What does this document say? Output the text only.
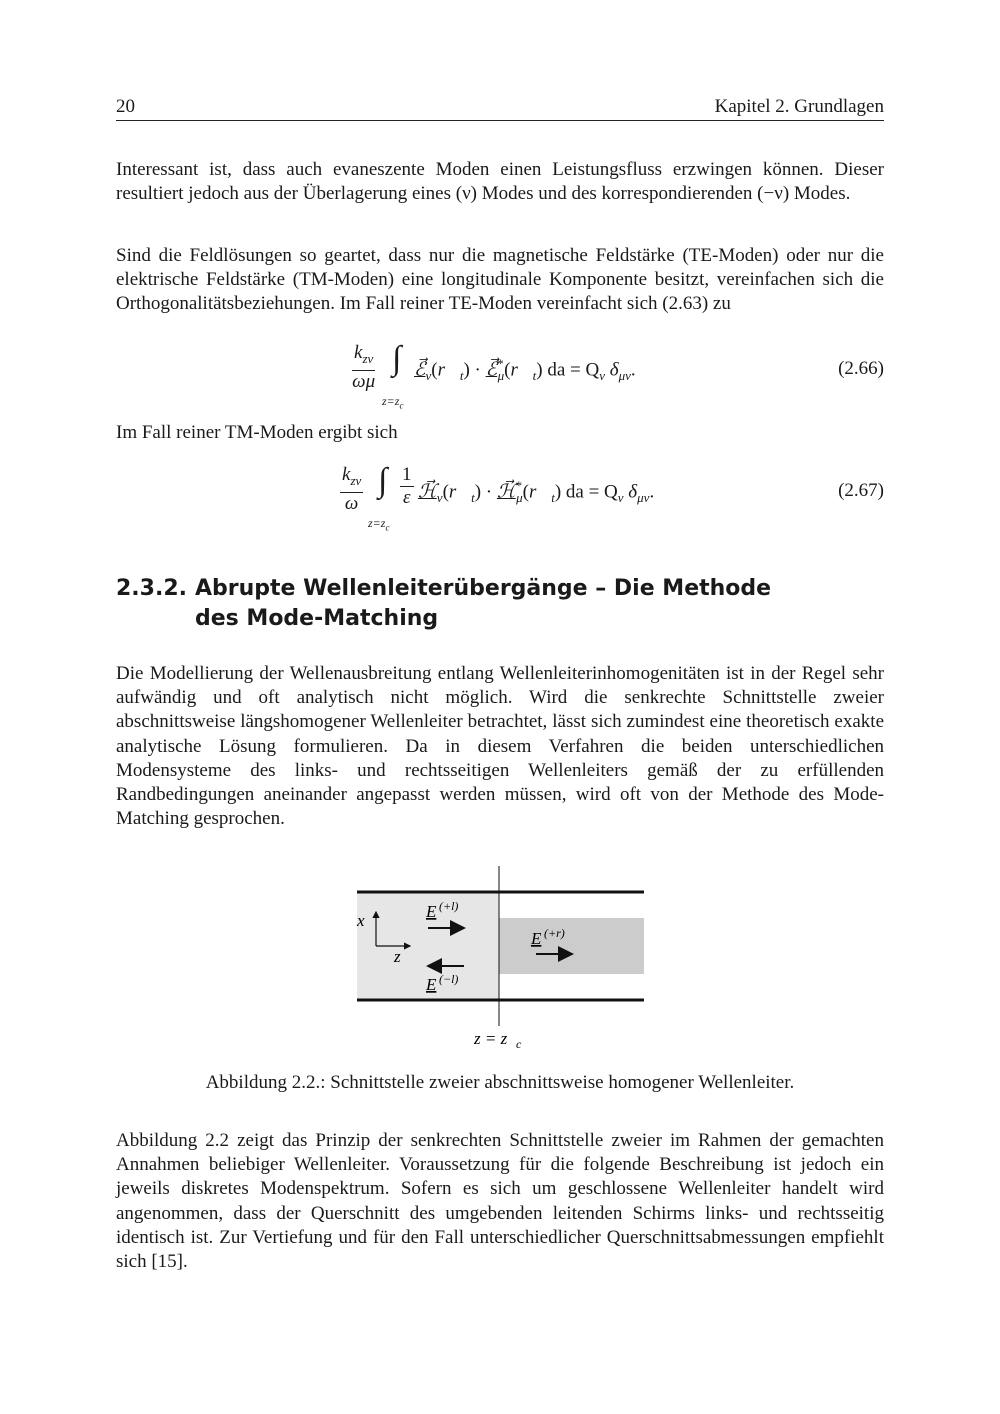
20	Kapitel 2. Grundlagen

Interessant ist, dass auch evaneszente Moden einen Leistungsfluss erzwingen können. Dieser resultiert jedoch aus der Überlagerung eines (ν) Modes und des korrespondierenden (−ν) Modes.

Sind die Feldlösungen so geartet, dass nur die magnetische Feldstärke (TE-Moden) oder nur die elektrische Feldstärke (TM-Moden) eine longitudinale Komponente besitzt, vereinfachen sich die Orthogonalitätsbeziehungen. Im Fall reiner TE-Moden vereinfacht sich (2.63) zu

$k_{z\nu}$
ωμ
∫
$z=z_c$
$ℰ⃗_\nu(r⃗_t)$ · $ℰ⃗^*_\mu(r⃗_t)$ da = $Q_\nu$ $\delta_{\mu\nu}$.	(2.66)

Im Fall reiner TM-Moden ergibt sich

$k_{z\nu}$
ω
∫
$z=z_c$
$\frac{1}{\varepsilon}$ $ℋ⃗_\nu(r⃗_t)$ · $ℋ⃗^*_\mu(r⃗_t)$ da = $Q_\nu$ $\delta_{\mu\nu}$.	(2.67)
2.3.2. Abrupte Wellenleiterübergänge – Die Methode des Mode-Matching

Die Modellierung der Wellenausbreitung entlang Wellenleiterinhomogenitäten ist in der Regel sehr aufwändig und oft analytisch nicht möglich. Wird die senkrechte Schnittstelle zweier abschnittsweise längshomogener Wellenleiter betrachtet, lässt sich zumindest eine theoretisch exakte analytische Lösung formulieren. Da in diesem Verfahren die beiden unterschiedlichen Modensysteme des links- und rechtsseitigen Wellenleiters gemäß der zu erfüllenden Randbedingungen aneinander angepasst werden müssen, wird oft von der Methode des Mode-Matching gesprochen.

x
z
E (+l)
E (−l)
E (+r)
z = z c
Abbildung 2.2.: Schnittstelle zweier abschnittsweise homogener Wellenleiter.

Abbildung 2.2 zeigt das Prinzip der senkrechten Schnittstelle zweier im Rahmen der gemachten Annahmen beliebiger Wellenleiter. Voraussetzung für die folgende Beschreibung ist jedoch ein jeweils diskretes Modenspektrum. Sofern es sich um geschlossene Wellenleiter handelt wird angenommen, dass der Querschnitt des umgebenden leitenden Schirms links- und rechtsseitig identisch ist. Zur Vertiefung und für den Fall unterschiedlicher Querschnittsabmessungen empfiehlt sich [15].
